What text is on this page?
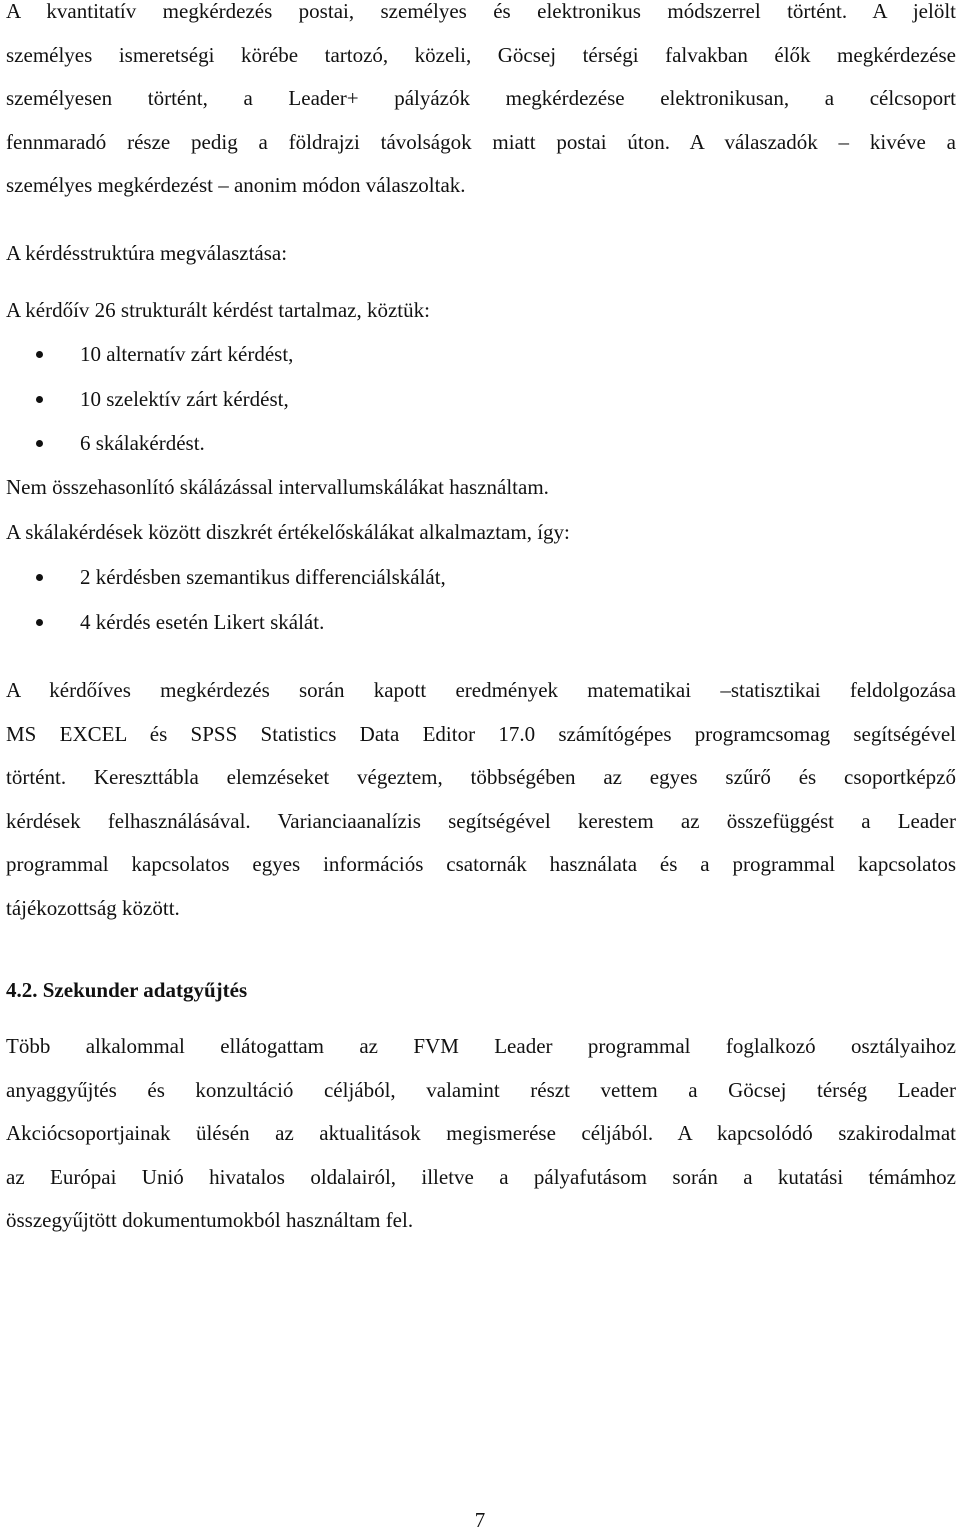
A kvantitatív megkérdezés postai, személyes és elektronikus módszerrel történt. A jelölt

személyes ismeretségi körébe tartozó, közeli, Göcsej térségi falvakban élők megkérdezése

személyesen történt, a Leader+ pályázók megkérdezése elektronikusan, a célcsoport

fennmaradó része pedig a földrajzi távolságok miatt postai úton. A válaszadók – kivéve a

személyes megkérdezést – anonim módon válaszoltak.

A kérdésstruktúra megválasztása:

A kérdőív 26 strukturált kérdést tartalmaz, köztük:

10 alternatív zárt kérdést,
10 szelektív zárt kérdést,
6 skálakérdést.

Nem összehasonlító skálázással intervallumskálákat használtam.

A skálakérdések között diszkrét értékelőskálákat alkalmaztam, így:

2 kérdésben szemantikus differenciálskálát,
4 kérdés esetén Likert skálát.

A kérdőíves megkérdezés során kapott eredmények matematikai –statisztikai feldolgozása

MS EXCEL és SPSS Statistics Data Editor 17.0 számítógépes programcsomag segítségével

történt. Kereszttábla elemzéseket végeztem, többségében az egyes szűrő és csoportképző

kérdések felhasználásával. Varianciaanalízis segítségével kerestem az összefüggést a Leader

programmal kapcsolatos egyes információs csatornák használata és a programmal kapcsolatos

tájékozottság között.

4.2. Szekunder adatgyűjtés

Több alkalommal ellátogattam az FVM Leader programmal foglalkozó osztályaihoz

anyaggyűjtés és konzultáció céljából, valamint részt vettem a Göcsej térség Leader

Akciócsoportjainak ülésén az aktualitások megismerése céljából. A kapcsolódó szakirodalmat

az Európai Unió hivatalos oldalairól, illetve a pályafutásom során a kutatási témámhoz

összegyűjtött dokumentumokból használtam fel.

7
